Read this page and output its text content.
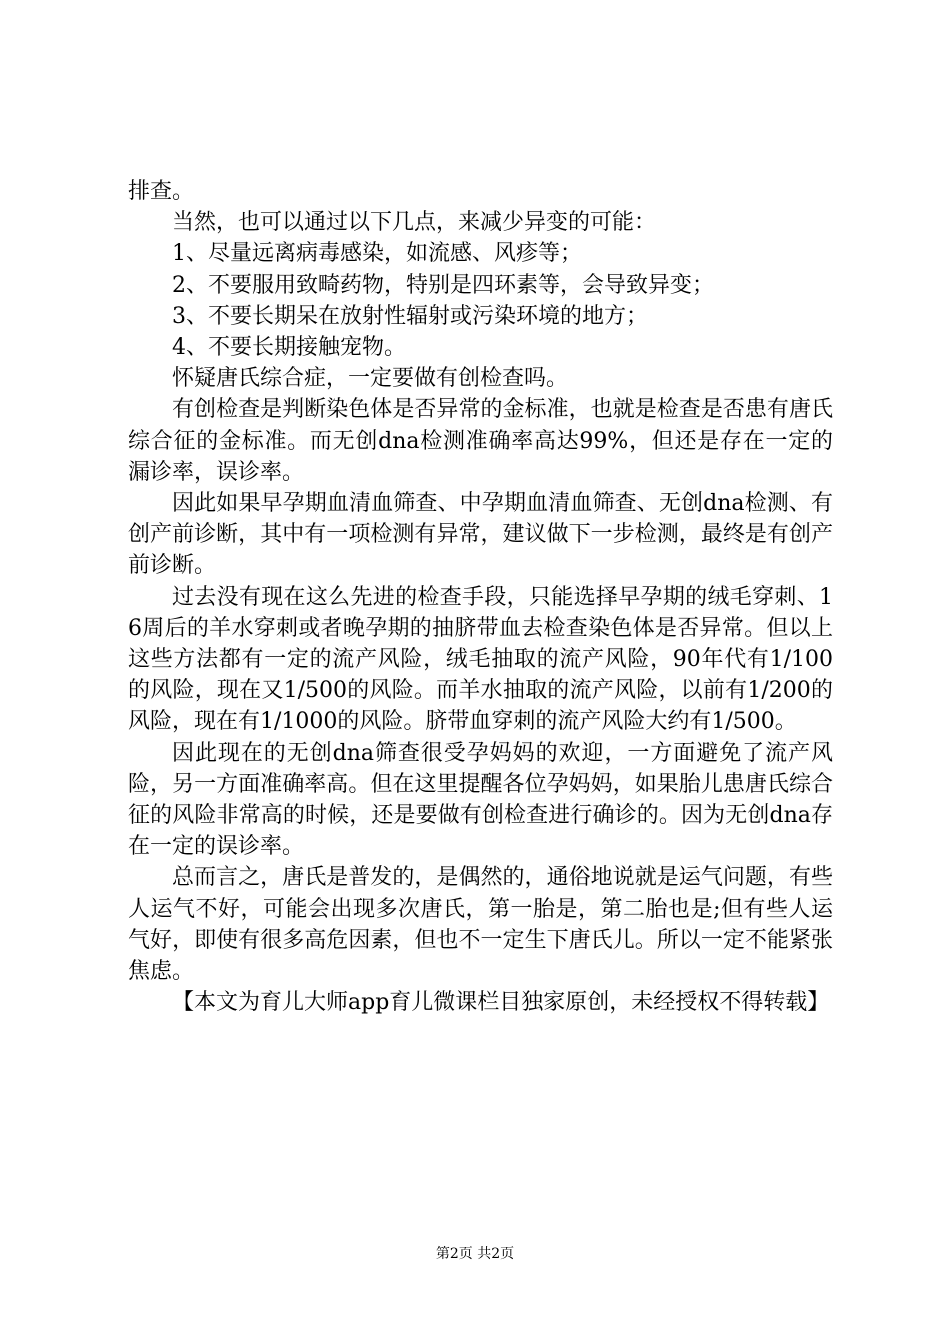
排查。

当然，也可以通过以下几点，来减少异变的可能：

1、尽量远离病毒感染，如流感、风疹等；

2、不要服用致畸药物，特别是四环素等，会导致异变；

3、不要长期呆在放射性辐射或污染环境的地方；

4、不要长期接触宠物。

怀疑唐氏综合症，一定要做有创检查吗。

有创检查是判断染色体是否异常的金标准，也就是检查是否患有唐氏综合征的金标准。而无创dna检测准确率高达99%，但还是存在一定的漏诊率，误诊率。

因此如果早孕期血清血筛查、中孕期血清血筛查、无创dna检测、有创产前诊断，其中有一项检测有异常，建议做下一步检测，最终是有创产前诊断。

过去没有现在这么先进的检查手段，只能选择早孕期的绒毛穿刺、16周后的羊水穿刺或者晚孕期的抽脐带血去检查染色体是否异常。但以上这些方法都有一定的流产风险，绒毛抽取的流产风险，90年代有1/100的风险，现在又1/500的风险。而羊水抽取的流产风险，以前有1/200的风险，现在有1/1000的风险。脐带血穿刺的流产风险大约有1/500。

因此现在的无创dna筛查很受孕妈妈的欢迎，一方面避免了流产风险，另一方面准确率高。但在这里提醒各位孕妈妈，如果胎儿患唐氏综合征的风险非常高的时候，还是要做有创检查进行确诊的。因为无创dna存在一定的误诊率。

总而言之，唐氏是普发的，是偶然的，通俗地说就是运气问题，有些人运气不好，可能会出现多次唐氏，第一胎是，第二胎也是;但有些人运气好，即使有很多高危因素，但也不一定生下唐氏儿。所以一定不能紧张焦虑。

【本文为育儿大师app育儿微课栏目独家原创，未经授权不得转载】

第2页 共2页
